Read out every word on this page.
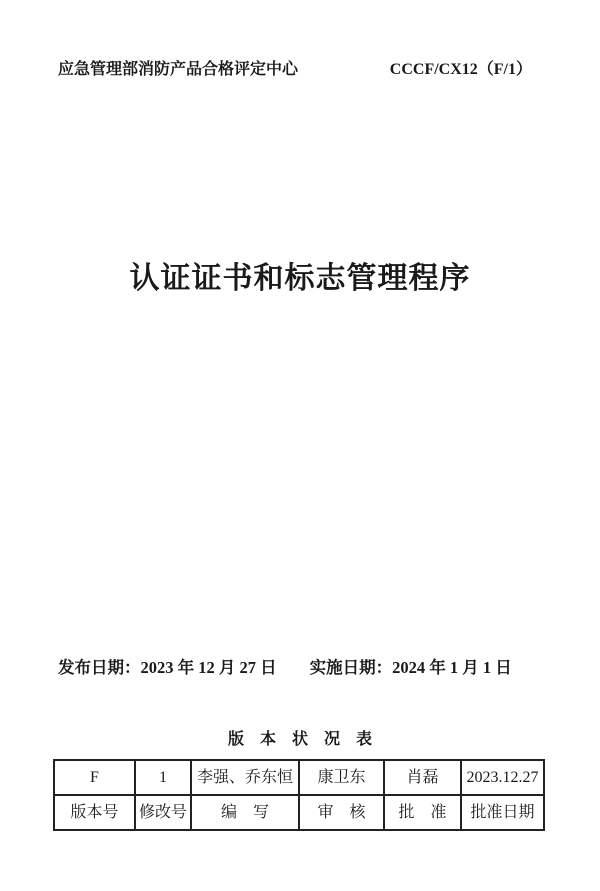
应急管理部消防产品合格评定中心	CCCF/CX12（F/1）
认证证书和标志管理程序
发布日期：2023 年 12 月 27 日 实施日期：2024 年 1 月 1 日
版　本　状　况　表
F	1	李强、乔东恒	康卫东	肖磊	2023.12.27
版本号	修改号	编　写	审　核	批　准	批准日期
